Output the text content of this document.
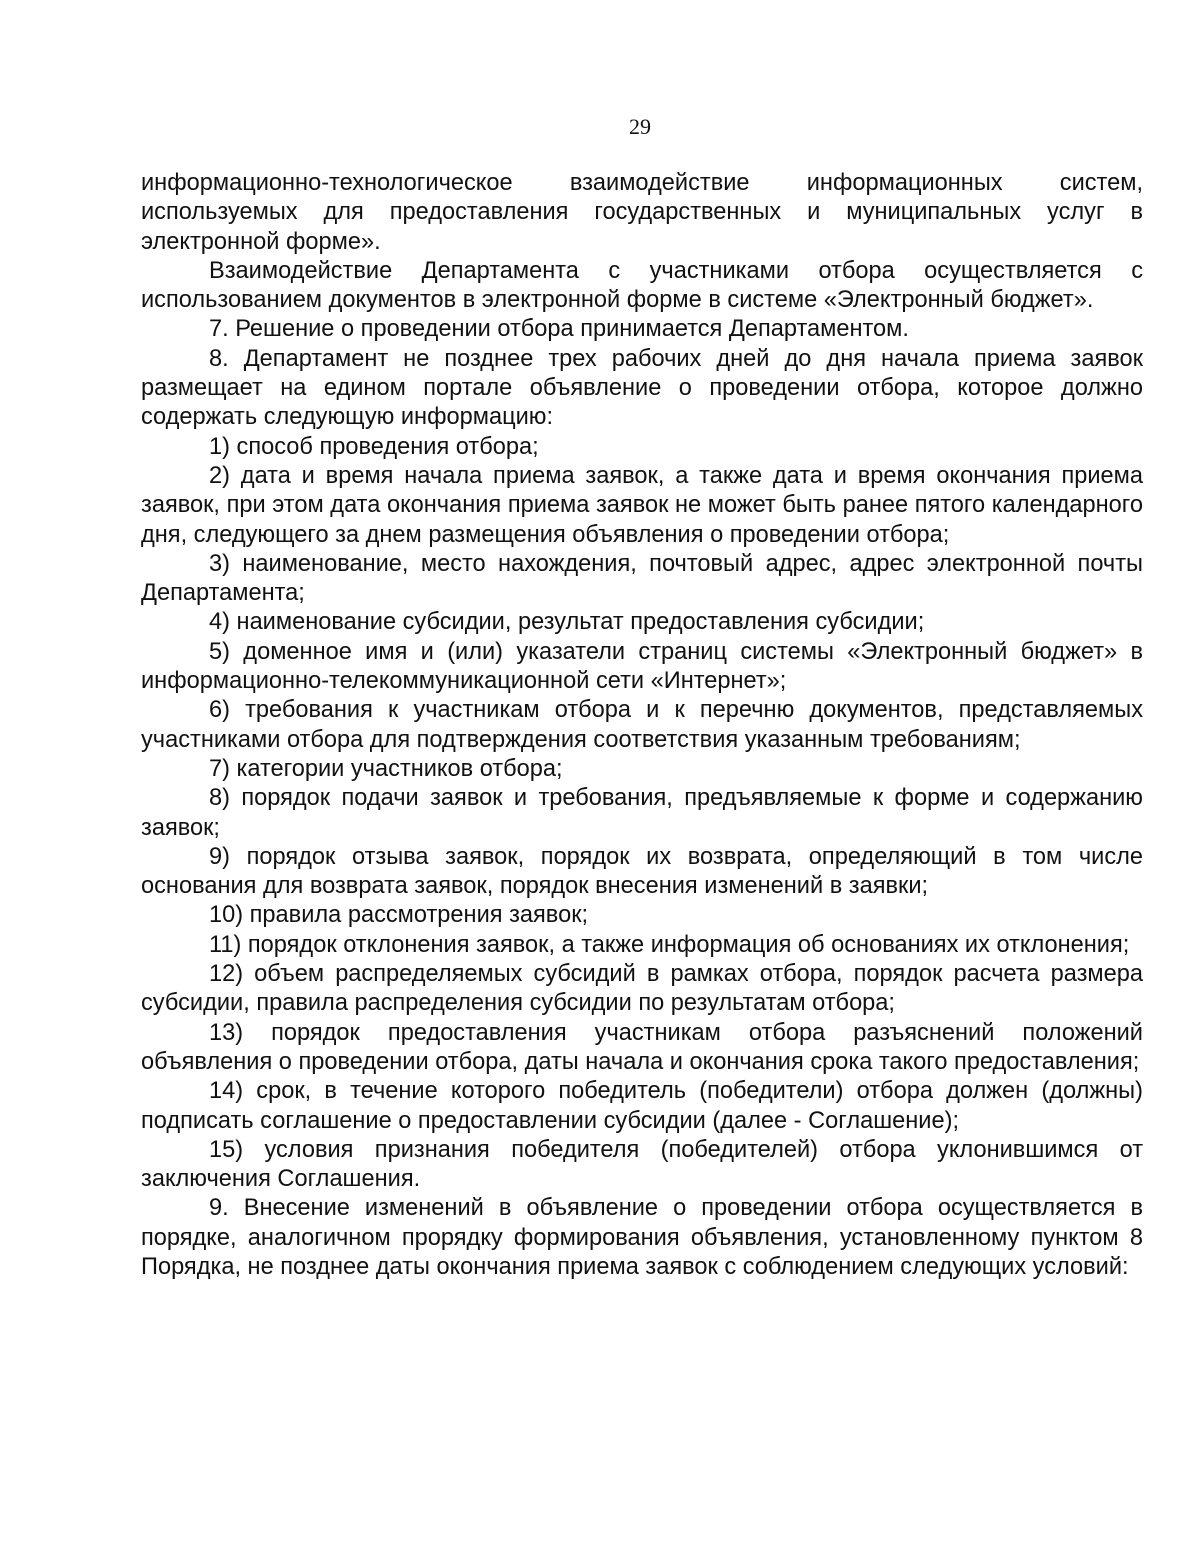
29

информационно-технологическое взаимодействие информационных систем, используемых для предоставления государственных и муниципальных услуг в электронной форме».

Взаимодействие Департамента с участниками отбора осуществляется с использованием документов в электронной форме в системе «Электронный бюджет».

7. Решение о проведении отбора принимается Департаментом.

8. Департамент не позднее трех рабочих дней до дня начала приема заявок размещает на едином портале объявление о проведении отбора, которое должно содержать следующую информацию:

1) способ проведения отбора;

2) дата и время начала приема заявок, а также дата и время окончания приема заявок, при этом дата окончания приема заявок не может быть ранее пятого календарного дня, следующего за днем размещения объявления о проведении отбора;

3) наименование, место нахождения, почтовый адрес, адрес электронной почты Департамента;

4) наименование субсидии, результат предоставления субсидии;

5) доменное имя и (или) указатели страниц системы «Электронный бюджет» в информационно-телекоммуникационной сети «Интернет»;

6) требования к участникам отбора и к перечню документов, представляемых участниками отбора для подтверждения соответствия указанным требованиям;

7) категории участников отбора;

8) порядок подачи заявок и требования, предъявляемые к форме и содержанию заявок;

9) порядок отзыва заявок, порядок их возврата, определяющий в том числе основания для возврата заявок, порядок внесения изменений в заявки;

10) правила рассмотрения заявок;

11) порядок отклонения заявок, а также информация об основаниях их отклонения;

12) объем распределяемых субсидий в рамках отбора, порядок расчета размера субсидии, правила распределения субсидии по результатам отбора;

13) порядок предоставления участникам отбора разъяснений положений объявления о проведении отбора, даты начала и окончания срока такого предоставления;

14) срок, в течение которого победитель (победители) отбора должен (должны) подписать соглашение о предоставлении субсидии (далее - Соглашение);

15) условия признания победителя (победителей) отбора уклонившимся от заключения Соглашения.

9. Внесение изменений в объявление о проведении отбора осуществляется в порядке, аналогичном прорядку формирования объявления, установленному пунктом 8 Порядка, не позднее даты окончания приема заявок с соблюдением следующих условий:
